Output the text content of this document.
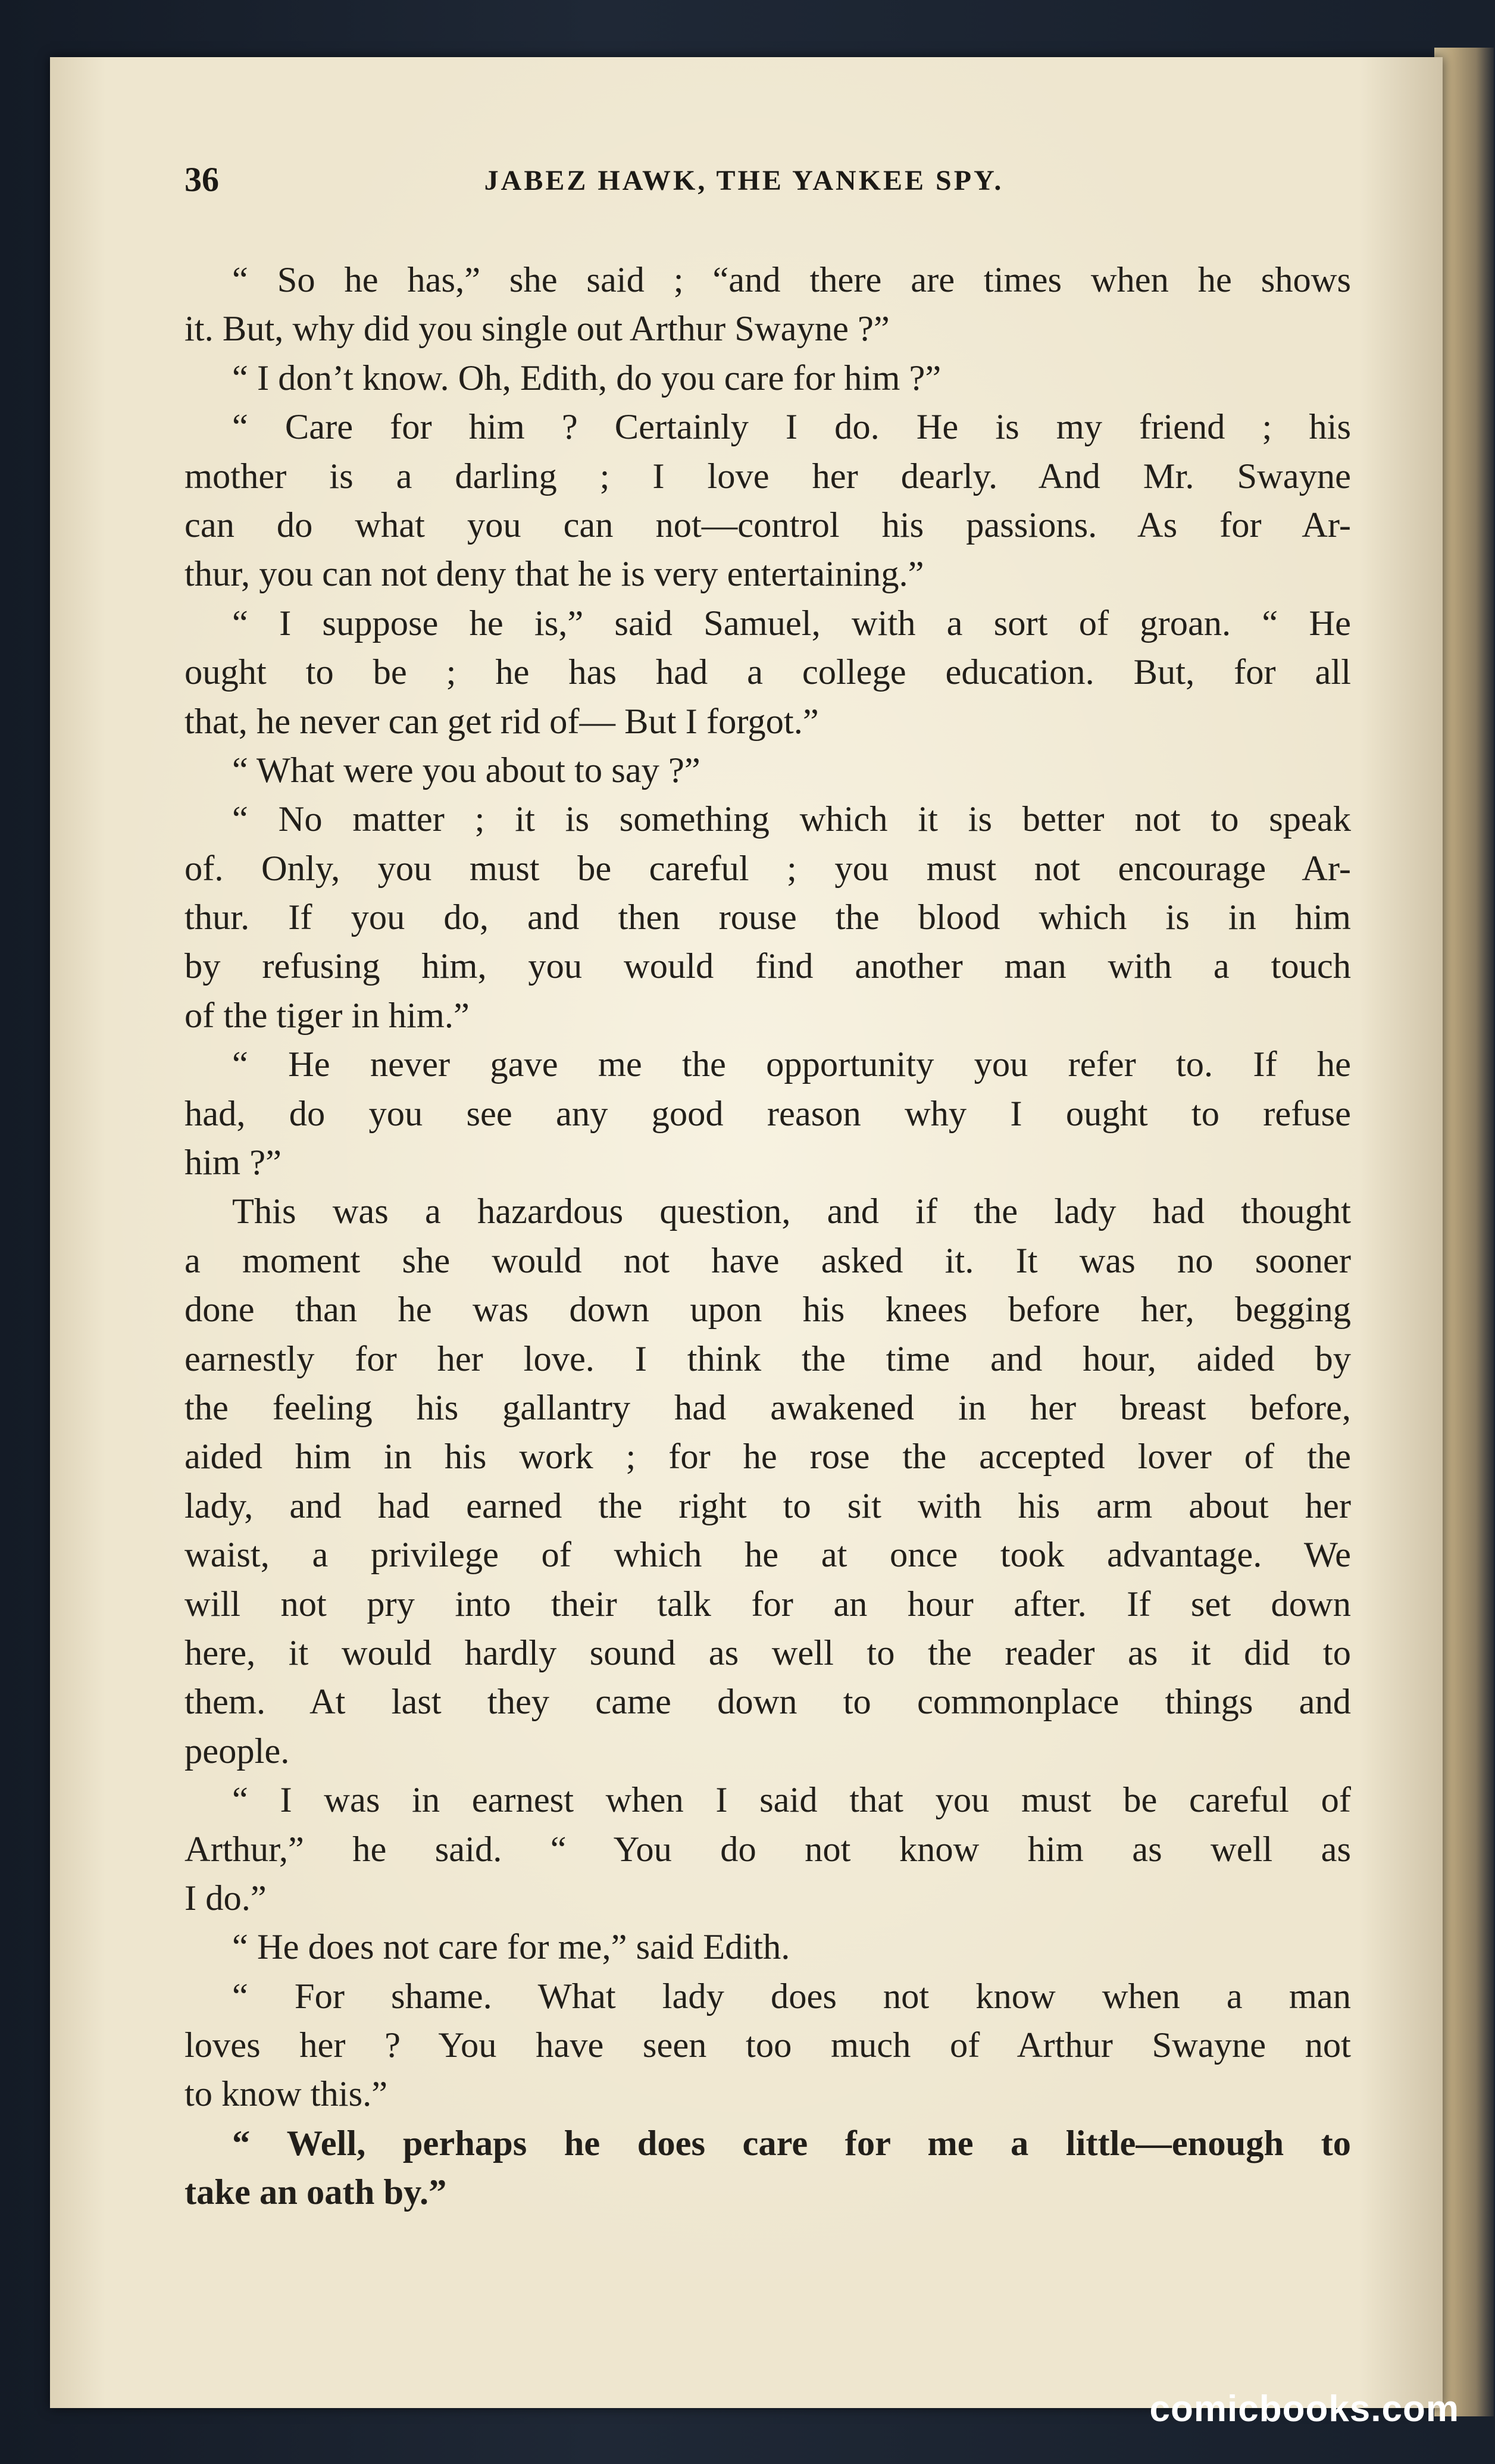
36	JABEZ HAWK, THE YANKEE SPY.
“ So he has,” she said ; “and there are times when he shows
it. But, why did you single out Arthur Swayne ?”
“ I don’t know. Oh, Edith, do you care for him ?”
“ Care for him ? Certainly I do. He is my friend ; his
mother is a darling ; I love her dearly. And Mr. Swayne
can do what you can not—control his passions. As for Ar-
thur, you can not deny that he is very entertaining.”
“ I suppose he is,” said Samuel, with a sort of groan. “ He
ought to be ; he has had a college education. But, for all
that, he never can get rid of— But I forgot.”
“ What were you about to say ?”
“ No matter ; it is something which it is better not to speak
of. Only, you must be careful ; you must not encourage Ar-
thur. If you do, and then rouse the blood which is in him
by refusing him, you would find another man with a touch
of the tiger in him.”
“ He never gave me the opportunity you refer to. If he
had, do you see any good reason why I ought to refuse
him ?”
This was a hazardous question, and if the lady had thought
a moment she would not have asked it. It was no sooner
done than he was down upon his knees before her, begging
earnestly for her love. I think the time and hour, aided by
the feeling his gallantry had awakened in her breast before,
aided him in his work ; for he rose the accepted lover of the
lady, and had earned the right to sit with his arm about her
waist, a privilege of which he at once took advantage. We
will not pry into their talk for an hour after. If set down
here, it would hardly sound as well to the reader as it did to
them. At last they came down to commonplace things and
people.
“ I was in earnest when I said that you must be careful of
Arthur,” he said. “ You do not know him as well as
I do.”
“ He does not care for me,” said Edith.
“ For shame. What lady does not know when a man
loves her ? You have seen too much of Arthur Swayne not
to know this.”
“ Well, perhaps he does care for me a little—enough to
take an oath by.”
comicbooks.com
